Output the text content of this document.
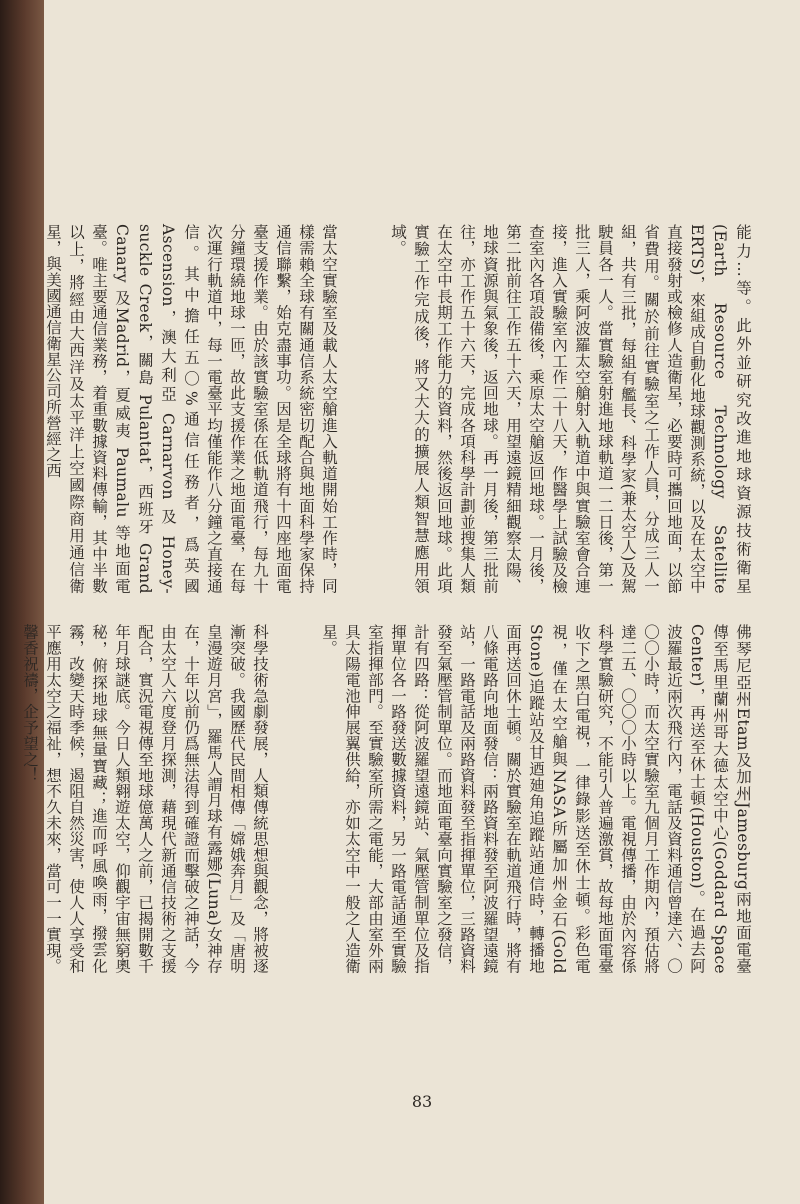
能力…等。此外並研究改進地球資源技術衛星(Earth Resource Technology Satellite ERTS)，來組成自動化地球觀測系統，以及在太空中直接發射或檢修人造衛星，必要時可攜回地面，以節省費用。關於前往實驗室之工作人員，分成三人一組，共有三批，每組有艦長、科學家(兼太空人)及駕駛員各一人。當實驗室射進地球軌道一二日後，第一批三人，乘阿波羅太空艙射入軌道中與實驗室會合連接，進入實驗室內工作二十八天，作醫學上試驗及檢查室內各項設備後，乘原太空艙返回地球。一月後，第二批前往工作五十六天，用望遠鏡精細觀察太陽、地球資源與氣象後，返回地球。再一月後，第三批前往，亦工作五十六天，完成各項科學計劃並搜集人類在太空中長期工作能力的資料，然後返回地球。此項實驗工作完成後，將又大大的擴展人類智慧應用領域。

當太空實驗室及載人太空艙進入軌道開始工作時，同樣需賴全球有關通信系統密切配合與地面科學家保持通信聯繫，始克盡事功。因是全球將有十四座地面電臺支援作業。由於該實驗室係在低軌道飛行，每九十分鐘環繞地球一匝，故此支援作業之地面電臺，在每次運行軌道中，每一電臺平均僅能作八分鐘之直接通信。其中擔任五〇%通信任務者，爲英國 Ascension，澳大利亞 Carnarvon 及 Honey-suckle Creek，關島 Pulantat，西班牙 Grand Canary 及Madrid，夏威夷 Paumalu 等地面電臺。唯主要通信業務，着重數據資料傳輸，其中半數以上，將經由大西洋及太平洋上空國際商用通信衛星，與美國通信衛星公司所營經之西

佛琴尼亞州Etam及加州Jamesburg兩地面電臺傳至馬里蘭州哥大德太空中心(Goddard Space Center)，再送至休士頓(Houston)。在過去阿波羅最近兩次飛行內，電話及資料通信曾達六、〇〇〇小時，而太空實驗室九個月工作期內，預估將達二五、〇〇〇小時以上。電視傳播，由於內容係科學實驗研究，不能引人普遍激賞，故每地面電臺收下之黑白電視，一律錄影送至休士頓。彩色電視，僅在太空艙與NASA所屬加州金石(Gold Stone)追蹤站及甘迺廸角追蹤站通信時，轉播地面再送回休士頓。關於實驗室在軌道飛行時，將有八條電路向地面發信：兩路資料發至阿波羅望遠鏡站，一路電話及兩路資料發至指揮單位，三路資料發至氣壓管制單位。而地面電臺向實驗室之發信，計有四路：從阿波羅望遠鏡站、氣壓管制單位及指揮單位各一路發送數據資料，另一路電話通至實驗室指揮部門。至實驗室所需之電能，大部由室外兩具太陽電池伸展翼供給，亦如太空中一般之人造衛星。

科學技術急劇發展，人類傳統思想與觀念，將被逐漸突破。我國歷代民間相傳「嫦娥奔月」及「唐明皇漫遊月宮」，羅馬人謂月球有露娜(Luna)女神存在，十年以前仍爲無法得到確證而擊破之神話，今由太空人六度登月探測，藉現代新通信技術之支援配合，實況電視傳至地球億萬人之前，已揭開數千年月球謎底。今日人類翱遊太空，仰觀宇宙無窮奧秘，俯探地球無量寶藏；進而呼風喚雨，撥雲化霧，改變天時季候，遏阻自然災害，使人人享受和平應用太空之福祉，想不久未來，當可一一實現。馨香祝禱，企予望之！

83
